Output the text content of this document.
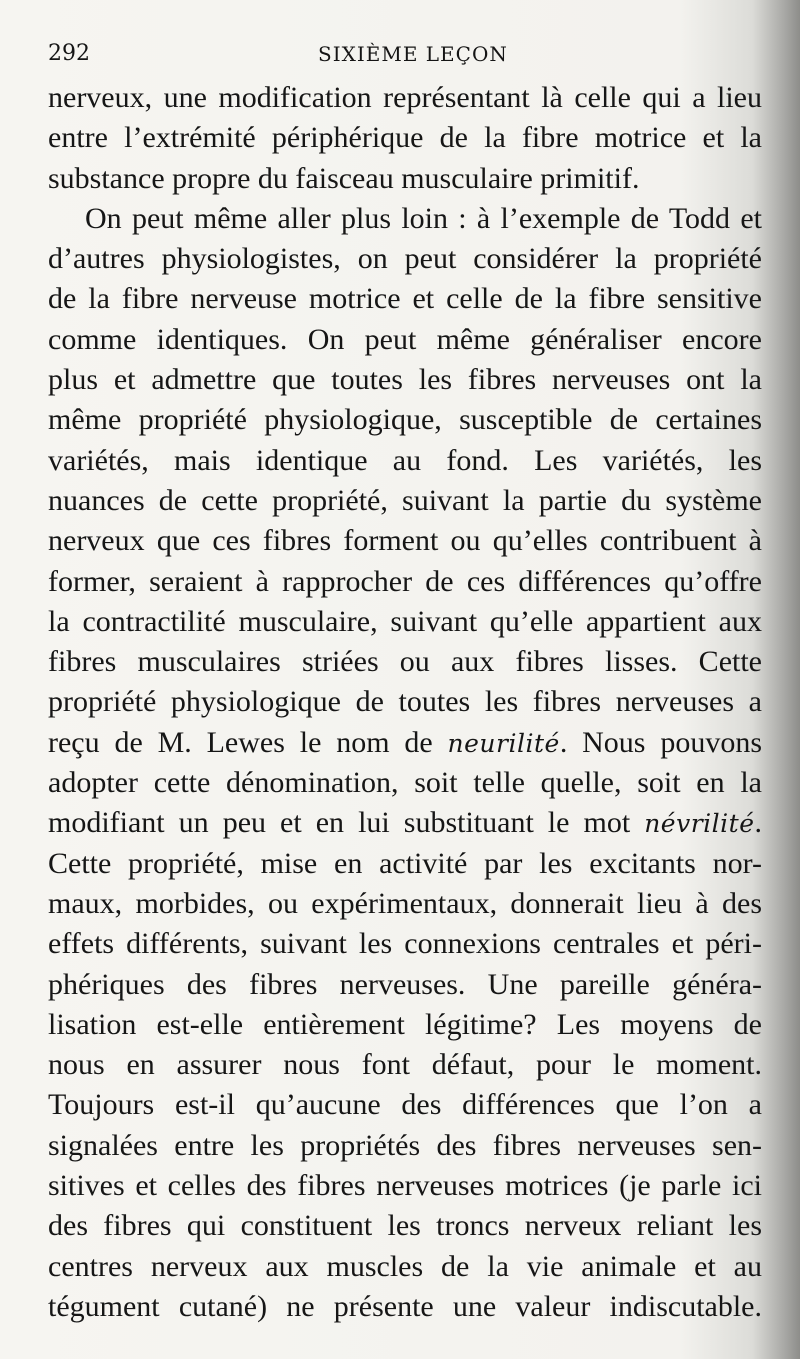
292	SIXIÈME LEÇON
nerveux, une modification représentant là celle qui a lieu
entre l’extrémité périphérique de la fibre motrice et la
substance propre du faisceau musculaire primitif.
On peut même aller plus loin : à l’exemple de Todd et
d’autres physiologistes, on peut considérer la propriété
de la fibre nerveuse motrice et celle de la fibre sensitive
comme identiques. On peut même généraliser encore
plus et admettre que toutes les fibres nerveuses ont la
même propriété physiologique, susceptible de certaines
variétés, mais identique au fond. Les variétés, les
nuances de cette propriété, suivant la partie du système
nerveux que ces fibres forment ou qu’elles contribuent à
former, seraient à rapprocher de ces différences qu’offre
la contractilité musculaire, suivant qu’elle appartient aux
fibres musculaires striées ou aux fibres lisses. Cette
propriété physiologique de toutes les fibres nerveuses a
reçu de M. Lewes le nom de neurilité. Nous pouvons
adopter cette dénomination, soit telle quelle, soit en la
modifiant un peu et en lui substituant le mot névrilité.
Cette propriété, mise en activité par les excitants nor-
maux, morbides, ou expérimentaux, donnerait lieu à des
effets différents, suivant les connexions centrales et péri-
phériques des fibres nerveuses. Une pareille généra-
lisation est-elle entièrement légitime? Les moyens de
nous en assurer nous font défaut, pour le moment.
Toujours est-il qu’aucune des différences que l’on a
signalées entre les propriétés des fibres nerveuses sen-
sitives et celles des fibres nerveuses motrices (je parle ici
des fibres qui constituent les troncs nerveux reliant les
centres nerveux aux muscles de la vie animale et au
tégument cutané) ne présente une valeur indiscutable.
